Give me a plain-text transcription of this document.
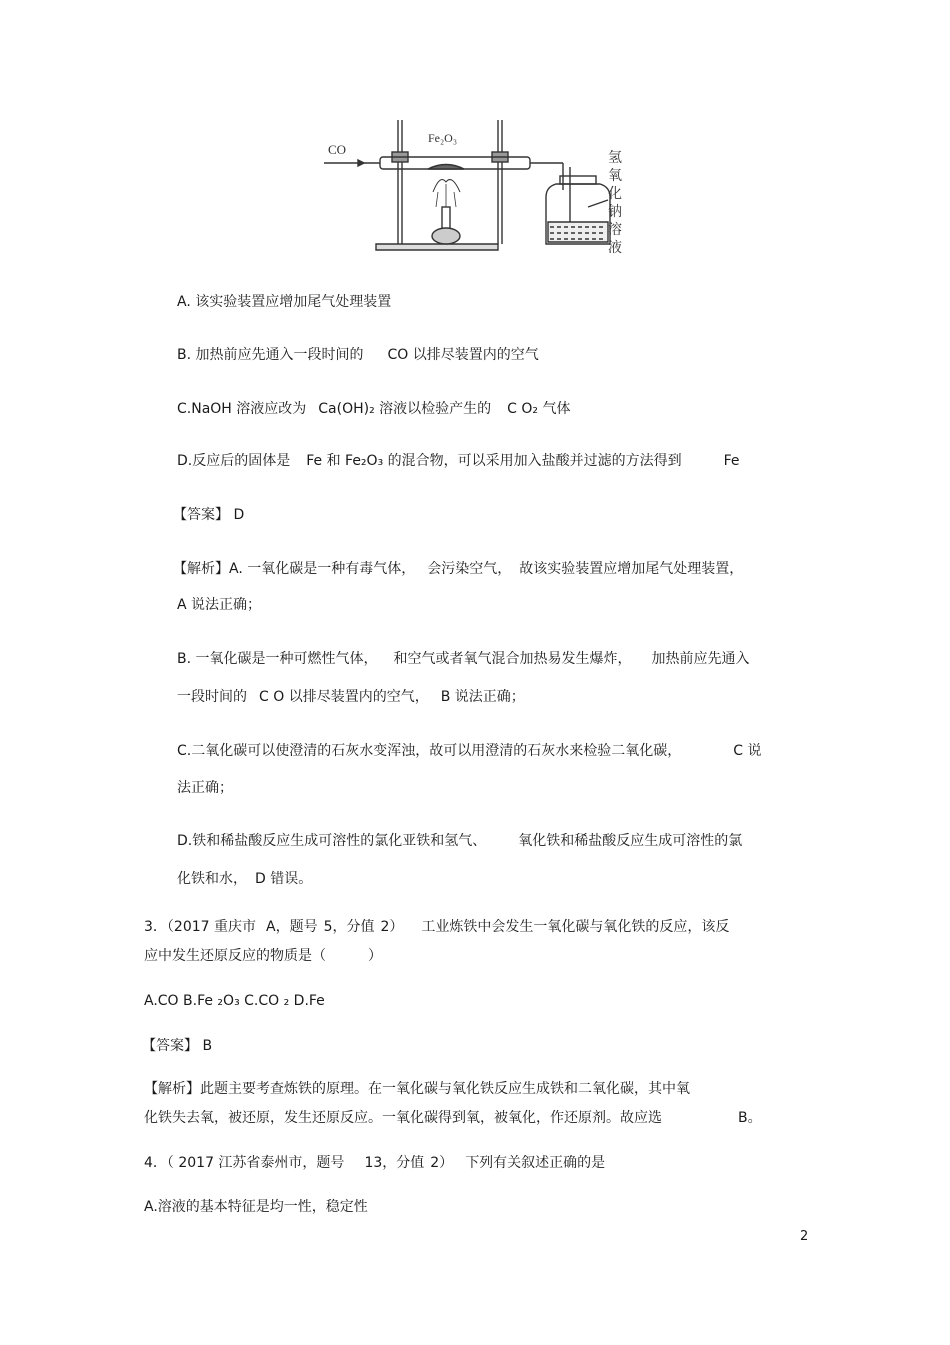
CO
Fe₂O₃
氢
氧
化
钠
溶
液
A. 该实验装置应增加尾气处理装置
B. 加热前应先通入一段时间的 CO 以排尽装置内的空气
C.NaOH 溶液应改为 Ca(OH)₂ 溶液以检验产生的 C O₂ 气体
D.反应后的固体是 Fe 和 Fe₂O₃ 的混合物，可以采用加入盐酸并过滤的方法得到	Fe
【答案】 D
【解析】A. 一氧化碳是一种有毒气体， 会污染空气， 故该实验装置应增加尾气处理装置，
A 说法正确；
B. 一氧化碳是一种可燃性气体， 和空气或者氧气混合加热易发生爆炸， 加热前应先通入
一段时间的 C O 以排尽装置内的空气， B 说法正确；
C.二氧化碳可以使澄清的石灰水变浑浊，故可以用澄清的石灰水来检验二氧化碳，	C 说
法正确；
D.铁和稀盐酸反应生成可溶性的氯化亚铁和氢气、 氧化铁和稀盐酸反应生成可溶性的氯
化铁和水， D 错误。
3．（2017 重庆市 A，题号 5，分值 2） 工业炼铁中会发生一氧化碳与氧化铁的反应，该反
应中发生还原反应的物质是（　　　）
A.CO B.Fe ₂O₃ C.CO ₂ D.Fe
【答案】 B
【解析】此题主要考查炼铁的原理。在一氧化碳与氧化铁反应生成铁和二氧化碳，其中氧
化铁失去氧，被还原，发生还原反应。一氧化碳得到氧，被氧化，作还原剂。故应选	B。
4．（ 2017 江苏省泰州市，题号 13，分值 2） 下列有关叙述正确的是
A.溶液的基本特征是均一性，稳定性
2
